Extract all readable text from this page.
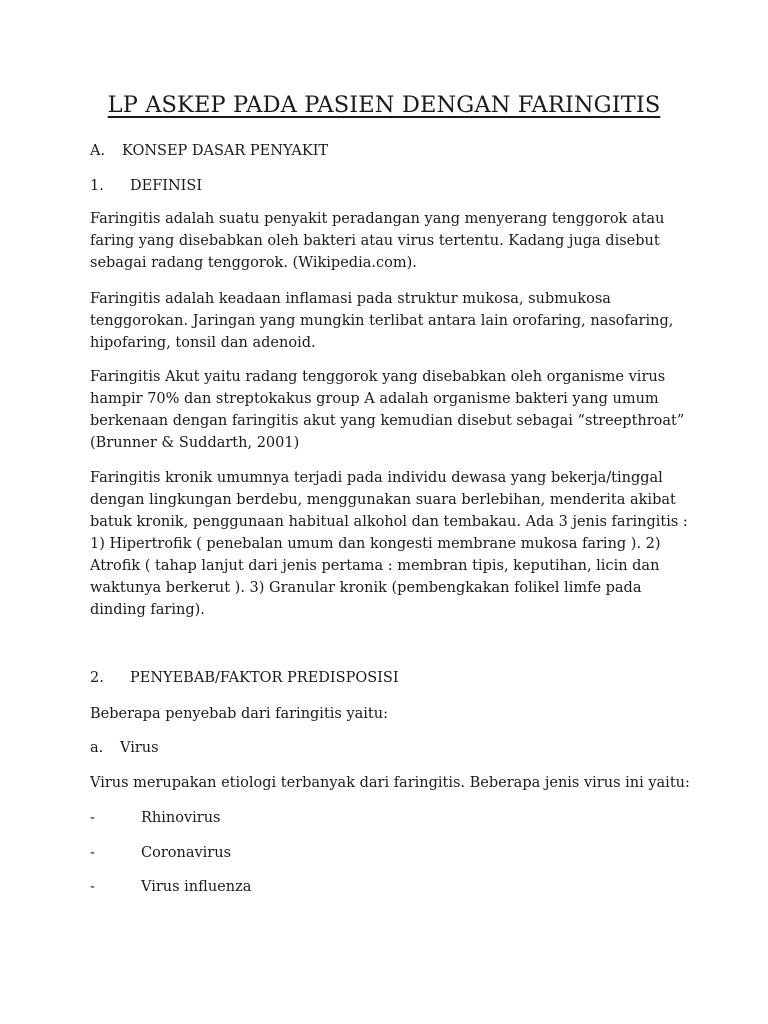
LP ASKEP PADA PASIEN DENGAN FARINGITIS
A. KONSEP DASAR PENYAKIT
1. DEFINISI
Faringitis adalah suatu penyakit peradangan yang menyerang tenggorok atau
faring yang disebabkan oleh bakteri atau virus tertentu. Kadang juga disebut
sebagai radang tenggorok. (Wikipedia.com).
Faringitis adalah keadaan inflamasi pada struktur mukosa, submukosa
tenggorokan. Jaringan yang mungkin terlibat antara lain orofaring, nasofaring,
hipofaring, tonsil dan adenoid.
Faringitis Akut yaitu radang tenggorok yang disebabkan oleh organisme virus
hampir 70% dan streptokakus group A adalah organisme bakteri yang umum
berkenaan dengan faringitis akut yang kemudian disebut sebagai “streepthroat”
(Brunner & Suddarth, 2001)
Faringitis kronik umumnya terjadi pada individu dewasa yang bekerja/tinggal
dengan lingkungan berdebu, menggunakan suara berlebihan, menderita akibat
batuk kronik, penggunaan habitual alkohol dan tembakau. Ada 3 jenis faringitis :
1) Hipertrofik ( penebalan umum dan kongesti membrane mukosa faring ). 2)
Atrofik ( tahap lanjut dari jenis pertama : membran tipis, keputihan, licin dan
waktunya berkerut ). 3) Granular kronik (pembengkakan folikel limfe pada
dinding faring).
2. PENYEBAB/FAKTOR PREDISPOSISI
Beberapa penyebab dari faringitis yaitu:
a. Virus
Virus merupakan etiologi terbanyak dari faringitis. Beberapa jenis virus ini yaitu:
-	Rhinovirus
-	Coronavirus
-	Virus influenza
